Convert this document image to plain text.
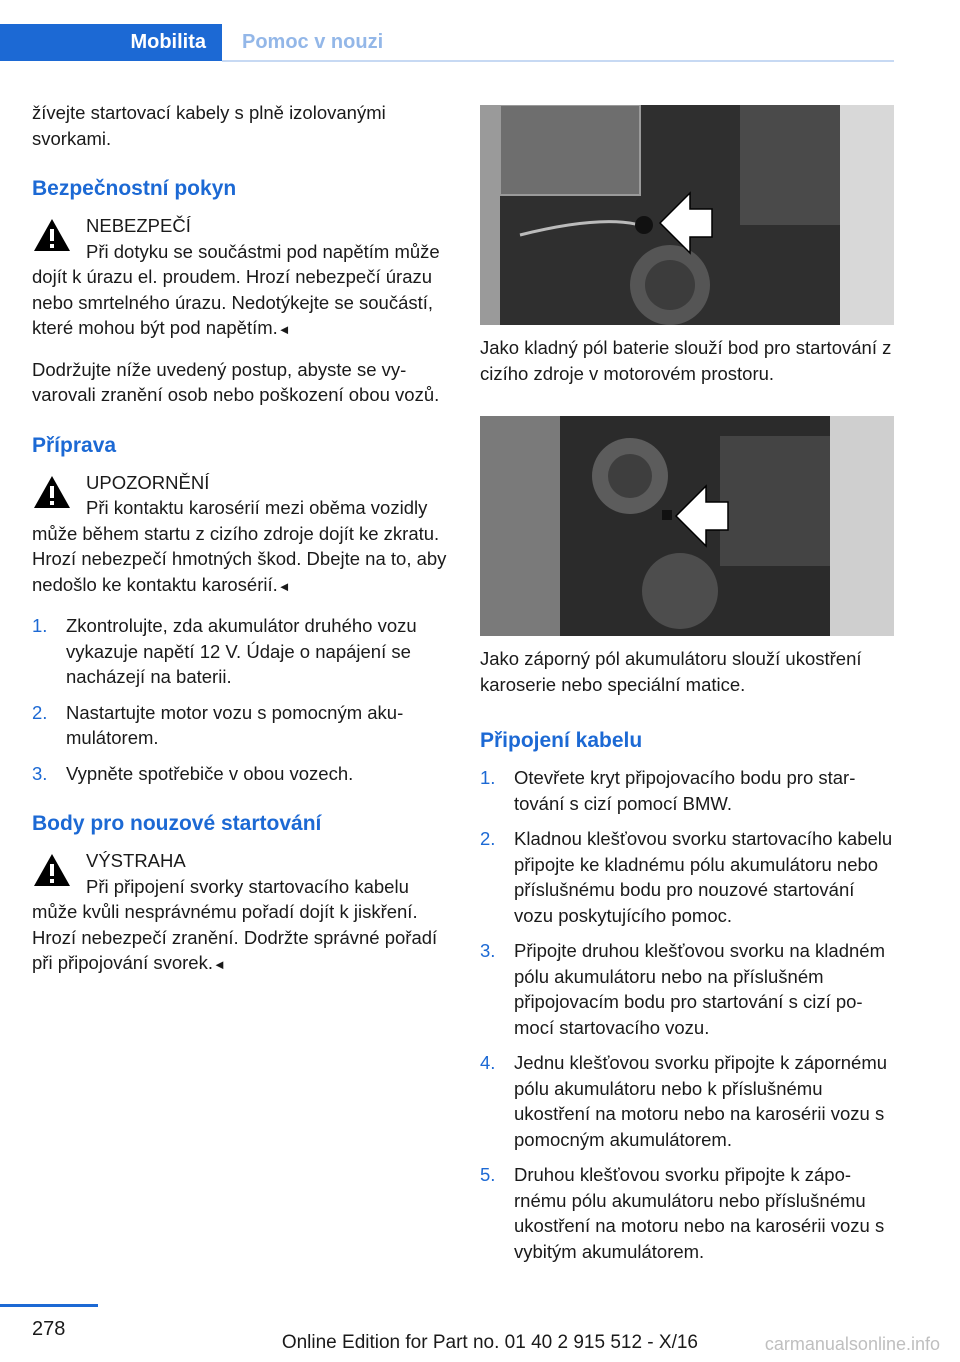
Mobilita	Pomoc v nouzi

žívejte startovací kabely s plně izolovanými svorkami.

Bezpečnostní pokyn
NEBEZPEČÍ
Při dotyku se součástmi pod napětím může dojít k úrazu el. proudem. Hrozí nebezpečí úrazu nebo smrtelného úrazu. Nedotýkejte se součástí, které mohou být pod napětím.◄

Dodržujte níže uvedený postup, abyste se vyvarovali zranění osob nebo poškození obou vozů.

Příprava
UPOZORNĚNÍ
Při kontaktu karosérií mezi oběma vozidly může během startu z cizího zdroje dojít ke zkratu. Hrozí nebezpečí hmotných škod. Dbejte na to, aby nedošlo ke kontaktu karosérií.◄
1. Zkontrolujte, zda akumulátor druhého vozu vykazuje napětí 12 V. Údaje o napájení se nacházejí na baterii.
2. Nastartujte motor vozu s pomocným akumulátorem.
3. Vypněte spotřebiče v obou vozech.
Body pro nouzové startování
VÝSTRAHA
Při připojení svorky startovacího kabelu může kvůli nesprávnému pořadí dojít k jiskření. Hrozí nebezpečí zranění. Dodržte správné pořadí při připojování svorek.◄

Jako kladný pól baterie slouží bod pro startování z cizího zdroje v motorovém prostoru.

Jako záporný pól akumulátoru slouží ukostření karoserie nebo speciální matice.

Připojení kabelu
1. Otevřete kryt připojovacího bodu pro startování s cizí pomocí BMW.
2. Kladnou klešťovou svorku startovacího kabelu připojte ke kladnému pólu akumulátoru nebo příslušnému bodu pro nouzové startování vozu poskytujícího pomoc.
3. Připojte druhou klešťovou svorku na kladném pólu akumulátoru nebo na příslušném připojovacím bodu pro startování s cizí pomocí startovacího vozu.
4. Jednu klešťovou svorku připojte k zápornému pólu akumulátoru nebo k příslušnému ukostření na motoru nebo na karosérii vozu s pomocným akumulátorem.
5. Druhou klešťovou svorku připojte k zápornému pólu akumulátoru nebo příslušnému ukostření na motoru nebo na karosérii vozu s vybitým akumulátorem.
278
Online Edition for Part no. 01 40 2 915 512 - X/16	carmanualsonline.info
